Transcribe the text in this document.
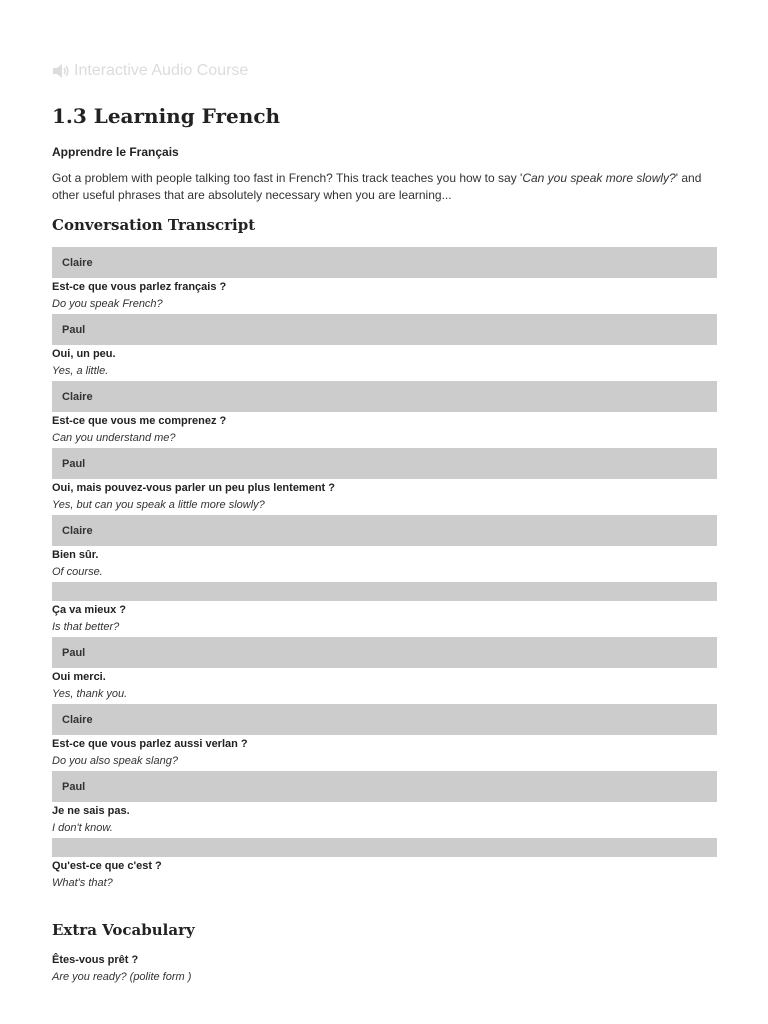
Interactive Audio Course
1.3 Learning French

Apprendre le Français

Got a problem with people talking too fast in French? This track teaches you how to say 'Can you speak more slowly?' and other useful phrases that are absolutely necessary when you are learning...

Conversation Transcript
Claire
Est-ce que vous parlez français ?
Do you speak French?
Paul
Oui, un peu.
Yes, a little.
Claire
Est-ce que vous me comprenez ?
Can you understand me?
Paul
Oui, mais pouvez-vous parler un peu plus lentement ?
Yes, but can you speak a little more slowly?
Claire
Bien sûr.
Of course.
Ça va mieux ?
Is that better?
Paul
Oui merci.
Yes, thank you.
Claire
Est-ce que vous parlez aussi verlan ?
Do you also speak slang?
Paul
Je ne sais pas.
I don't know.
Qu'est-ce que c'est ?
What's that?
Extra Vocabulary
Êtes-vous prêt ?
Are you ready? (polite form )
